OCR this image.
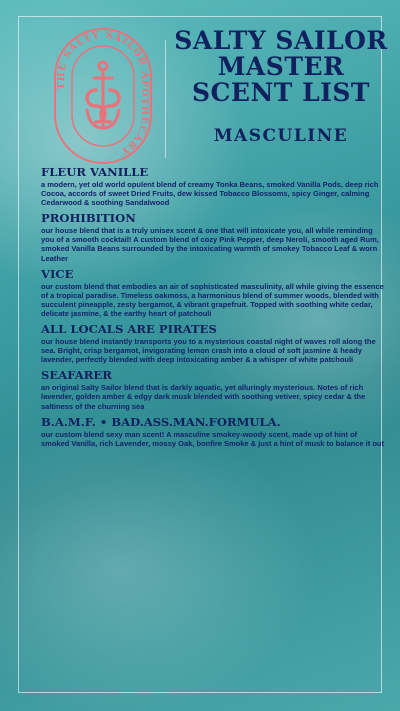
THE SALTY SAILOR APOTHECARY
SALTY SAILOR MASTER SCENT LIST
MASCULINE
FLEUR VANILLE

a modern, yet old world opulent blend of creamy Tonka Beans, smoked Vanilla Pods, deep rich Cocoa, accords of sweet Dried Fruits, dew kissed Tobacco Blossoms, spicy Ginger, calming Cedarwood & soothing Sandalwood

PROHIBITION

our house blend that is a truly unisex scent & one that will intoxicate you, all while reminding you of a smooth cocktail! A custom blend of cozy Pink Pepper, deep Neroli, smooth aged Rum, smoked Vanilla Beans surrounded by the intoxicating warmth of smokey Tobacco Leaf & worn Leather

VICE

our custom blend that embodies an air of sophisticated masculinity, all while giving the essence of a tropical paradise. Timeless oakmoss, a harmonious blend of summer woods, blended with succulent pineapple, zesty bergamot, & vibrant grapefruit. Topped with soothing white cedar, delicate jasmine, & the earthy heart of patchouli

ALL LOCALS ARE PIRATES

our house blend instantly transports you to a mysterious coastal night of waves roll along the sea. Bright, crisp bergamot, invigorating lemon crash into a cloud of soft jasmine & heady lavender, perfectly blended with deep intoxicating amber & a whisper of white patchouli

SEAFARER

an original Salty Sailor blend that is darkly aquatic, yet alluringly mysterious. Notes of rich lavender, golden amber & edgy dark musk blended with soothing vetiver, spicy cedar & the saltiness of the churning sea

B.A.M.F. • BAD.ASS.MAN.FORMULA.

our custom blend sexy man scent! A masculine smokey-woody scent, made up of hint of smoked Vanilla, rich Lavender, mossy Oak, bonfire Smoke & just a hint of musk to balance it out
